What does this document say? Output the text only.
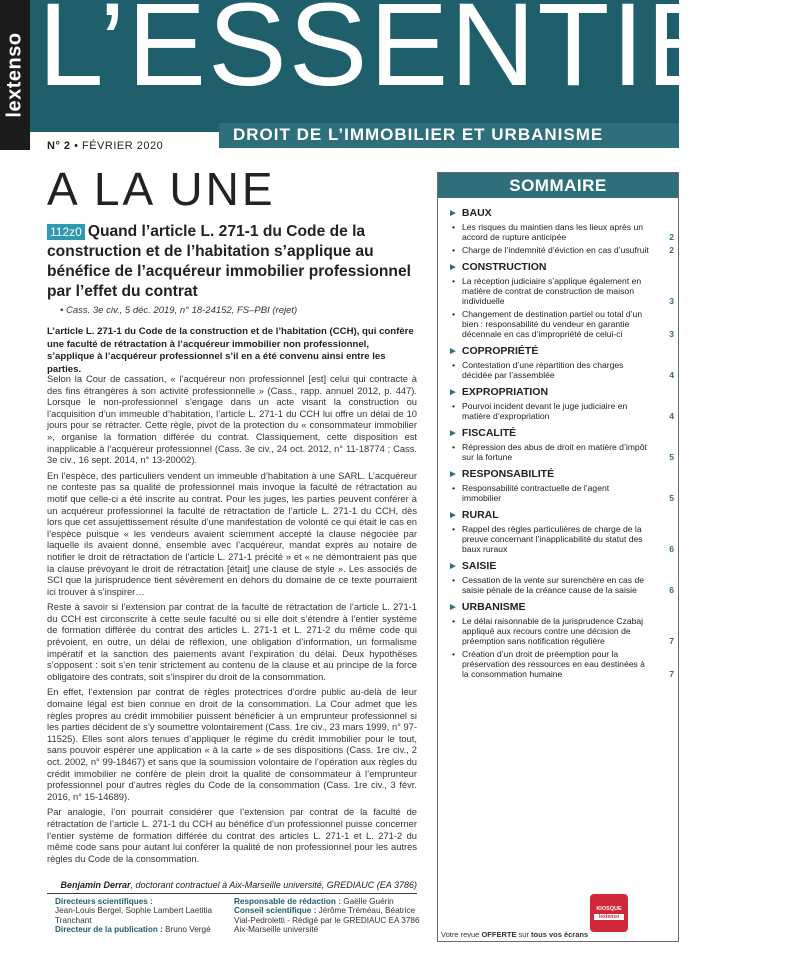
lextenso L’ESSENTIEL
DROIT DE L’IMMOBILIER ET URBANISME
N° 2 • FÉVRIER 2020
A LA UNE
112z0 Quand l’article L. 271-1 du Code de la construction et de l’habitation s’applique au bénéfice de l’acquéreur immobilier professionnel par l’effet du contrat
• Cass. 3e civ., 5 déc. 2019, n° 18-24152, FS–PBI (rejet)
L’article L. 271-1 du Code de la construction et de l’habitation (CCH), qui confère une faculté de rétractation à l’acquéreur immobilier non professionnel, s’applique à l’acquéreur professionnel s’il en a été convenu ainsi entre les parties.

Selon la Cour de cassation, « l’acquéreur non professionnel [est] celui qui contracte à des fins étrangères à son activité professionnelle » (Cass., rapp. annuel 2012, p. 447). Lorsque le non-professionnel s’engage dans un acte visant la construction ou l’acquisition d’un immeuble d’habitation, l’article L. 271-1 du CCH lui offre un délai de 10 jours pour se rétracter. Cette règle, pivot de la protection du « consommateur immobilier », organise la formation différée du contrat. Classiquement, cette disposition est inapplicable à l’acquéreur professionnel (Cass. 3e civ., 24 oct. 2012, n° 11-18774 ; Cass. 3e civ., 16 sept. 2014, n° 13-20002).

En l’espèce, des particuliers vendent un immeuble d’habitation à une SARL. L’acquéreur ne conteste pas sa qualité de professionnel mais invoque la faculté de rétractation au motif que celle-ci a été inscrite au contrat. Pour les juges, les parties peuvent conférer à un acquéreur professionnel la faculté de rétractation de l’article L. 271-1 du CCH, dès lors que cet assujettissement résulte d’une manifestation de volonté ce qui était le cas en l’espèce puisque « les vendeurs avaient sciemment accepté la clause négociée par laquelle ils avaient donné, ensemble avec l’acquéreur, mandat exprès au notaire de notifier le droit de rétractation de l’article L. 271-1 précité » et « ne démontraient pas que la clause prévoyant le droit de rétractation [était] une clause de style ». Les associés de SCI que la jurisprudence tient sévèrement en dehors du domaine de ce texte pourraient ici trouver à s’inspirer…

Reste à savoir si l’extension par contrat de la faculté de rétractation de l’article L. 271-1 du CCH est circonscrite à cette seule faculté ou si elle doit s’étendre à l’entier système de formation différée du contrat des articles L. 271-1 et L. 271-2 du même code qui prévoient, en outre, un délai de réflexion, une obligation d’information, un formalisme impératif et la sanction des paiements avant l’expiration du délai. Deux hypothèses s’opposent : soit s’en tenir strictement au contenu de la clause et au principe de la force obligatoire des contrats, soit s’inspirer du droit de la consommation.

En effet, l’extension par contrat de règles protectrices d’ordre public au-delà de leur domaine légal est bien connue en droit de la consommation. La Cour admet que les règles propres au crédit immobilier puissent bénéficier à un emprunteur professionnel si les parties décident de s’y soumettre volontairement (Cass. 1re civ., 23 mars 1999, n° 97-11525). Elles sont alors tenues d’appliquer le régime du crédit immobilier pour le tout, sans pouvoir espérer une application « à la carte » de ses dispositions (Cass. 1re civ., 2 oct. 2002, n° 99-18467) et sans que la soumission volontaire de l’opération aux règles du crédit immobilier ne confère de plein droit la qualité de consommateur à l’emprunteur professionnel pour d’autres règles du Code de la consommation (Cass. 1re civ., 3 févr. 2016, n° 15-14689).

Par analogie, l’on pourrait considérer que l’extension par contrat de la faculté de rétractation de l’article L. 271-1 du CCH au bénéfice d’un professionnel puisse concerner l’entier système de formation différée du contrat des articles L. 271-1 et L. 271-2 du même code sans pour autant lui conférer la qualité de non professionnel pour les autres règles du Code de la consommation.

Benjamin Derrar, doctorant contractuel à Aix-Marseille université, GREDIAUC (EA 3786)
Directeurs scientifiques :
Jean-Louis Bergel, Sophie Lambert Laetitia Tranchant
Directeur de la publication : Bruno Vergé
Responsable de rédaction : Gaëlle Guérin
Conseil scientifique : Jérôme Tréméau, Béatrice Vial-Pedroletti - Rédigé par le GREDIAUC EA 3786 Aix-Marseille université
SOMMAIRE
► BAUX
• Les risques du maintien dans les lieux après un accord de rupture anticipée	2
• Charge de l’indemnité d’éviction en cas d’usufruit 2
► CONSTRUCTION
• La réception judiciaire s’applique également en matière de contrat de construction de maison individuelle	3
• Changement de destination partiel ou total d’un bien : responsabilité du vendeur en garantie décennale en cas d’impropriété de celui-ci	3
► COPROPRIÉTÉ
• Contestation d’une répartition des charges décidée par l’assemblée	4
► EXPROPRIATION
• Pourvoi incident devant le juge judiciaire en matière d’expropriation	4
► FISCALITÉ
• Répression des abus de droit en matière d’impôt sur la fortune	5
► RESPONSABILITÉ
• Responsabilité contractuelle de l’agent immobilier	5
► RURAL
• Rappel des règles particulières de charge de la preuve concernant l’inapplicabilité du statut des baux ruraux	6
► SAISIE
• Cessation de la vente sur surenchère en cas de saisie pénale de la créance cause de la saisie	6
► URBANISME
• Le délai raisonnable de la jurisprudence Czabaj appliqué aux recours contre une décision de préemption sans notification régulière	7
• Création d’un droit de préemption pour la préservation des ressources en eau destinées à la consommation humaine	7
KIOSQUE
lextenso
Votre revue OFFERTE sur tous vos écrans
